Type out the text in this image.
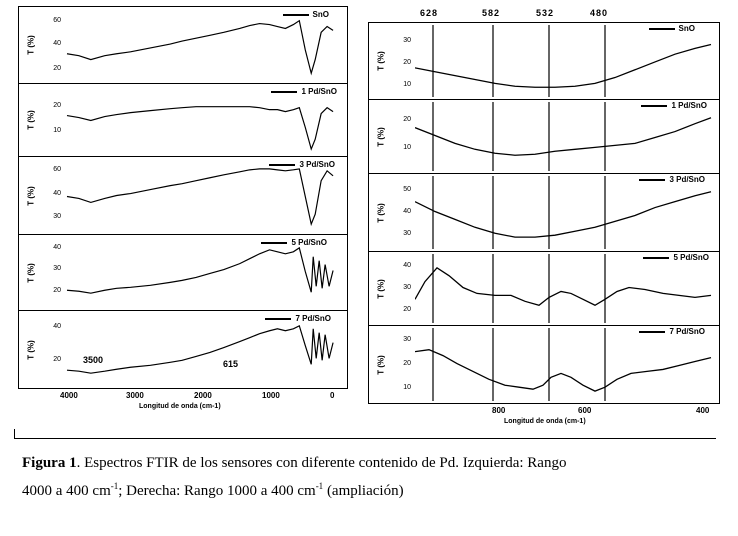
T (%)
60
40
20
SnO
T (%)
20
10
1 Pd/SnO
T (%)
60
40
30
3 Pd/SnO
T (%)
40
30
20
5 Pd/SnO
T (%)
40
20
7 Pd/SnO
3500	615
4000	3000	2000	1000	0
Longitud de onda (cm-1)
628	582	532	480
T (%)
30
20
10
SnO
T (%)
20
10
1 Pd/SnO
T (%)
50
40
30
3 Pd/SnO
T (%)
40
30
20
5 Pd/SnO
T (%)
30
20
10
7 Pd/SnO
800	600	400
Longitud de onda (cm-1)
Figura 1. Espectros FTIR de los sensores con diferente contenido de Pd. Izquierda: Rango
4000 a 400 $cm^{-1}$; Derecha: Rango 1000 a 400 $cm^{-1}$ (ampliación)
